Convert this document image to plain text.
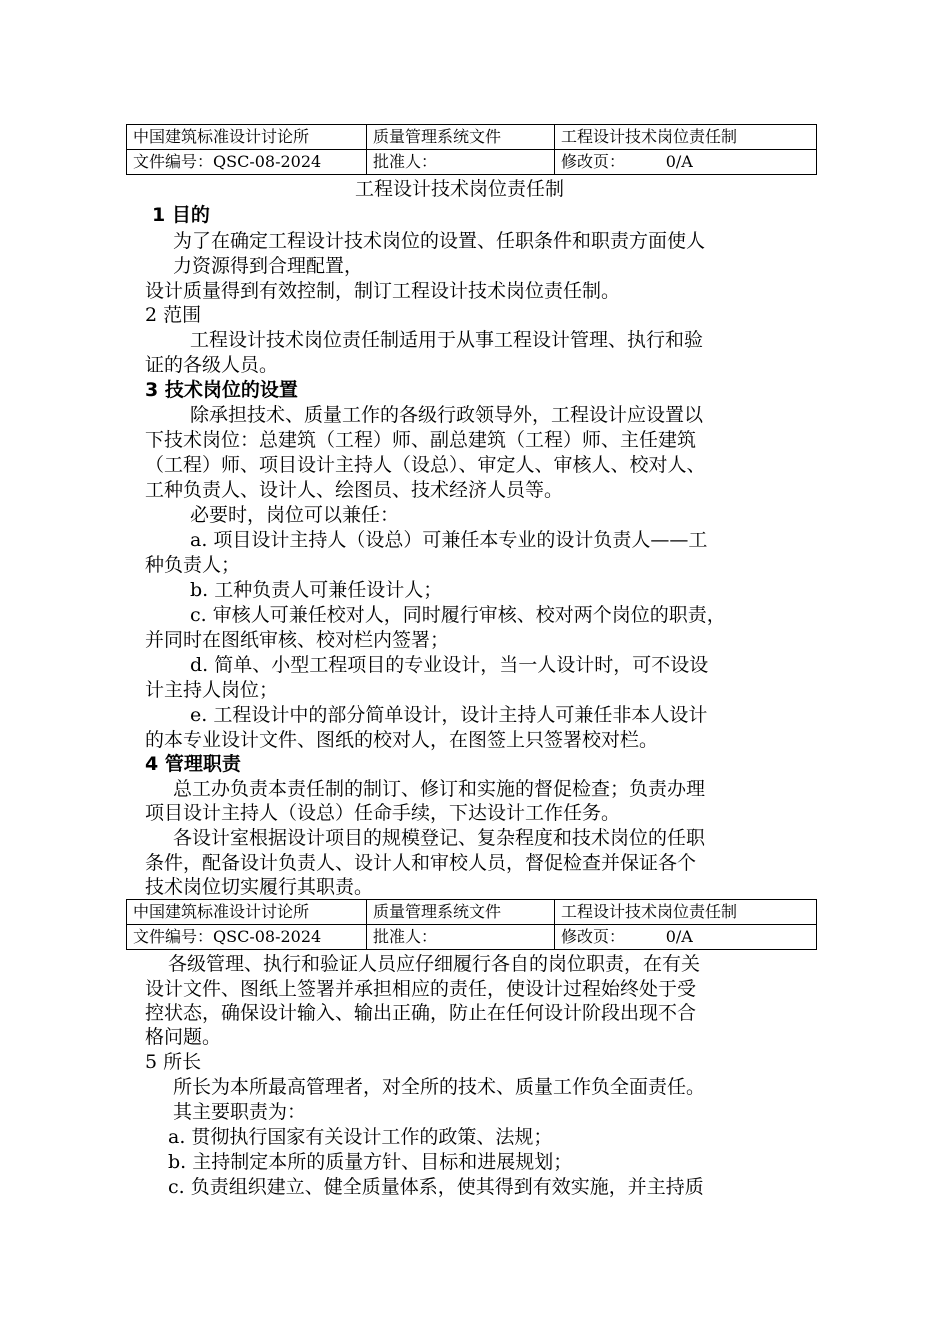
中国建筑标准设计讨论所	质量管理系统文件	工程设计技术岗位责任制
文件编号：QSC-08-2024	批准人：	修改页：        0/A
工程设计技术岗位责任制
1 目的
为了在确定工程设计技术岗位的设置、任职条件和职责方面使人
力资源得到合理配置，
设计质量得到有效控制，制订工程设计技术岗位责任制。
2 范围
工程设计技术岗位责任制适用于从事工程设计管理、执行和验
证的各级人员。
3 技术岗位的设置
除承担技术、质量工作的各级行政领导外，工程设计应设置以
下技术岗位：总建筑（工程）师、副总建筑（工程）师、主任建筑
（工程）师、项目设计主持人（设总）、审定人、审核人、校对人、
工种负责人、设计人、绘图员、技术经济人员等。
必要时，岗位可以兼任：
a. 项目设计主持人（设总）可兼任本专业的设计负责人——工
种负责人；
b. 工种负责人可兼任设计人；
c. 审核人可兼任校对人，同时履行审核、校对两个岗位的职责，
并同时在图纸审核、校对栏内签署；
d. 简单、小型工程项目的专业设计，当一人设计时，可不设设
计主持人岗位；
e. 工程设计中的部分简单设计，设计主持人可兼任非本人设计
的本专业设计文件、图纸的校对人，在图签上只签署校对栏。
4 管理职责
总工办负责本责任制的制订、修订和实施的督促检查；负责办理
项目设计主持人（设总）任命手续，下达设计工作任务。
各设计室根据设计项目的规模登记、复杂程度和技术岗位的任职
条件，配备设计负责人、设计人和审校人员，督促检查并保证各个
技术岗位切实履行其职责。
中国建筑标准设计讨论所	质量管理系统文件	工程设计技术岗位责任制
文件编号：QSC-08-2024	批准人：	修改页：        0/A
各级管理、执行和验证人员应仔细履行各自的岗位职责，在有关
设计文件、图纸上签署并承担相应的责任，使设计过程始终处于受
控状态，确保设计输入、输出正确，防止在任何设计阶段出现不合
格问题。
5 所长
所长为本所最高管理者，对全所的技术、质量工作负全面责任。
其主要职责为：
a. 贯彻执行国家有关设计工作的政策、法规；
b. 主持制定本所的质量方针、目标和进展规划；
c. 负责组织建立、健全质量体系，使其得到有效实施，并主持质
